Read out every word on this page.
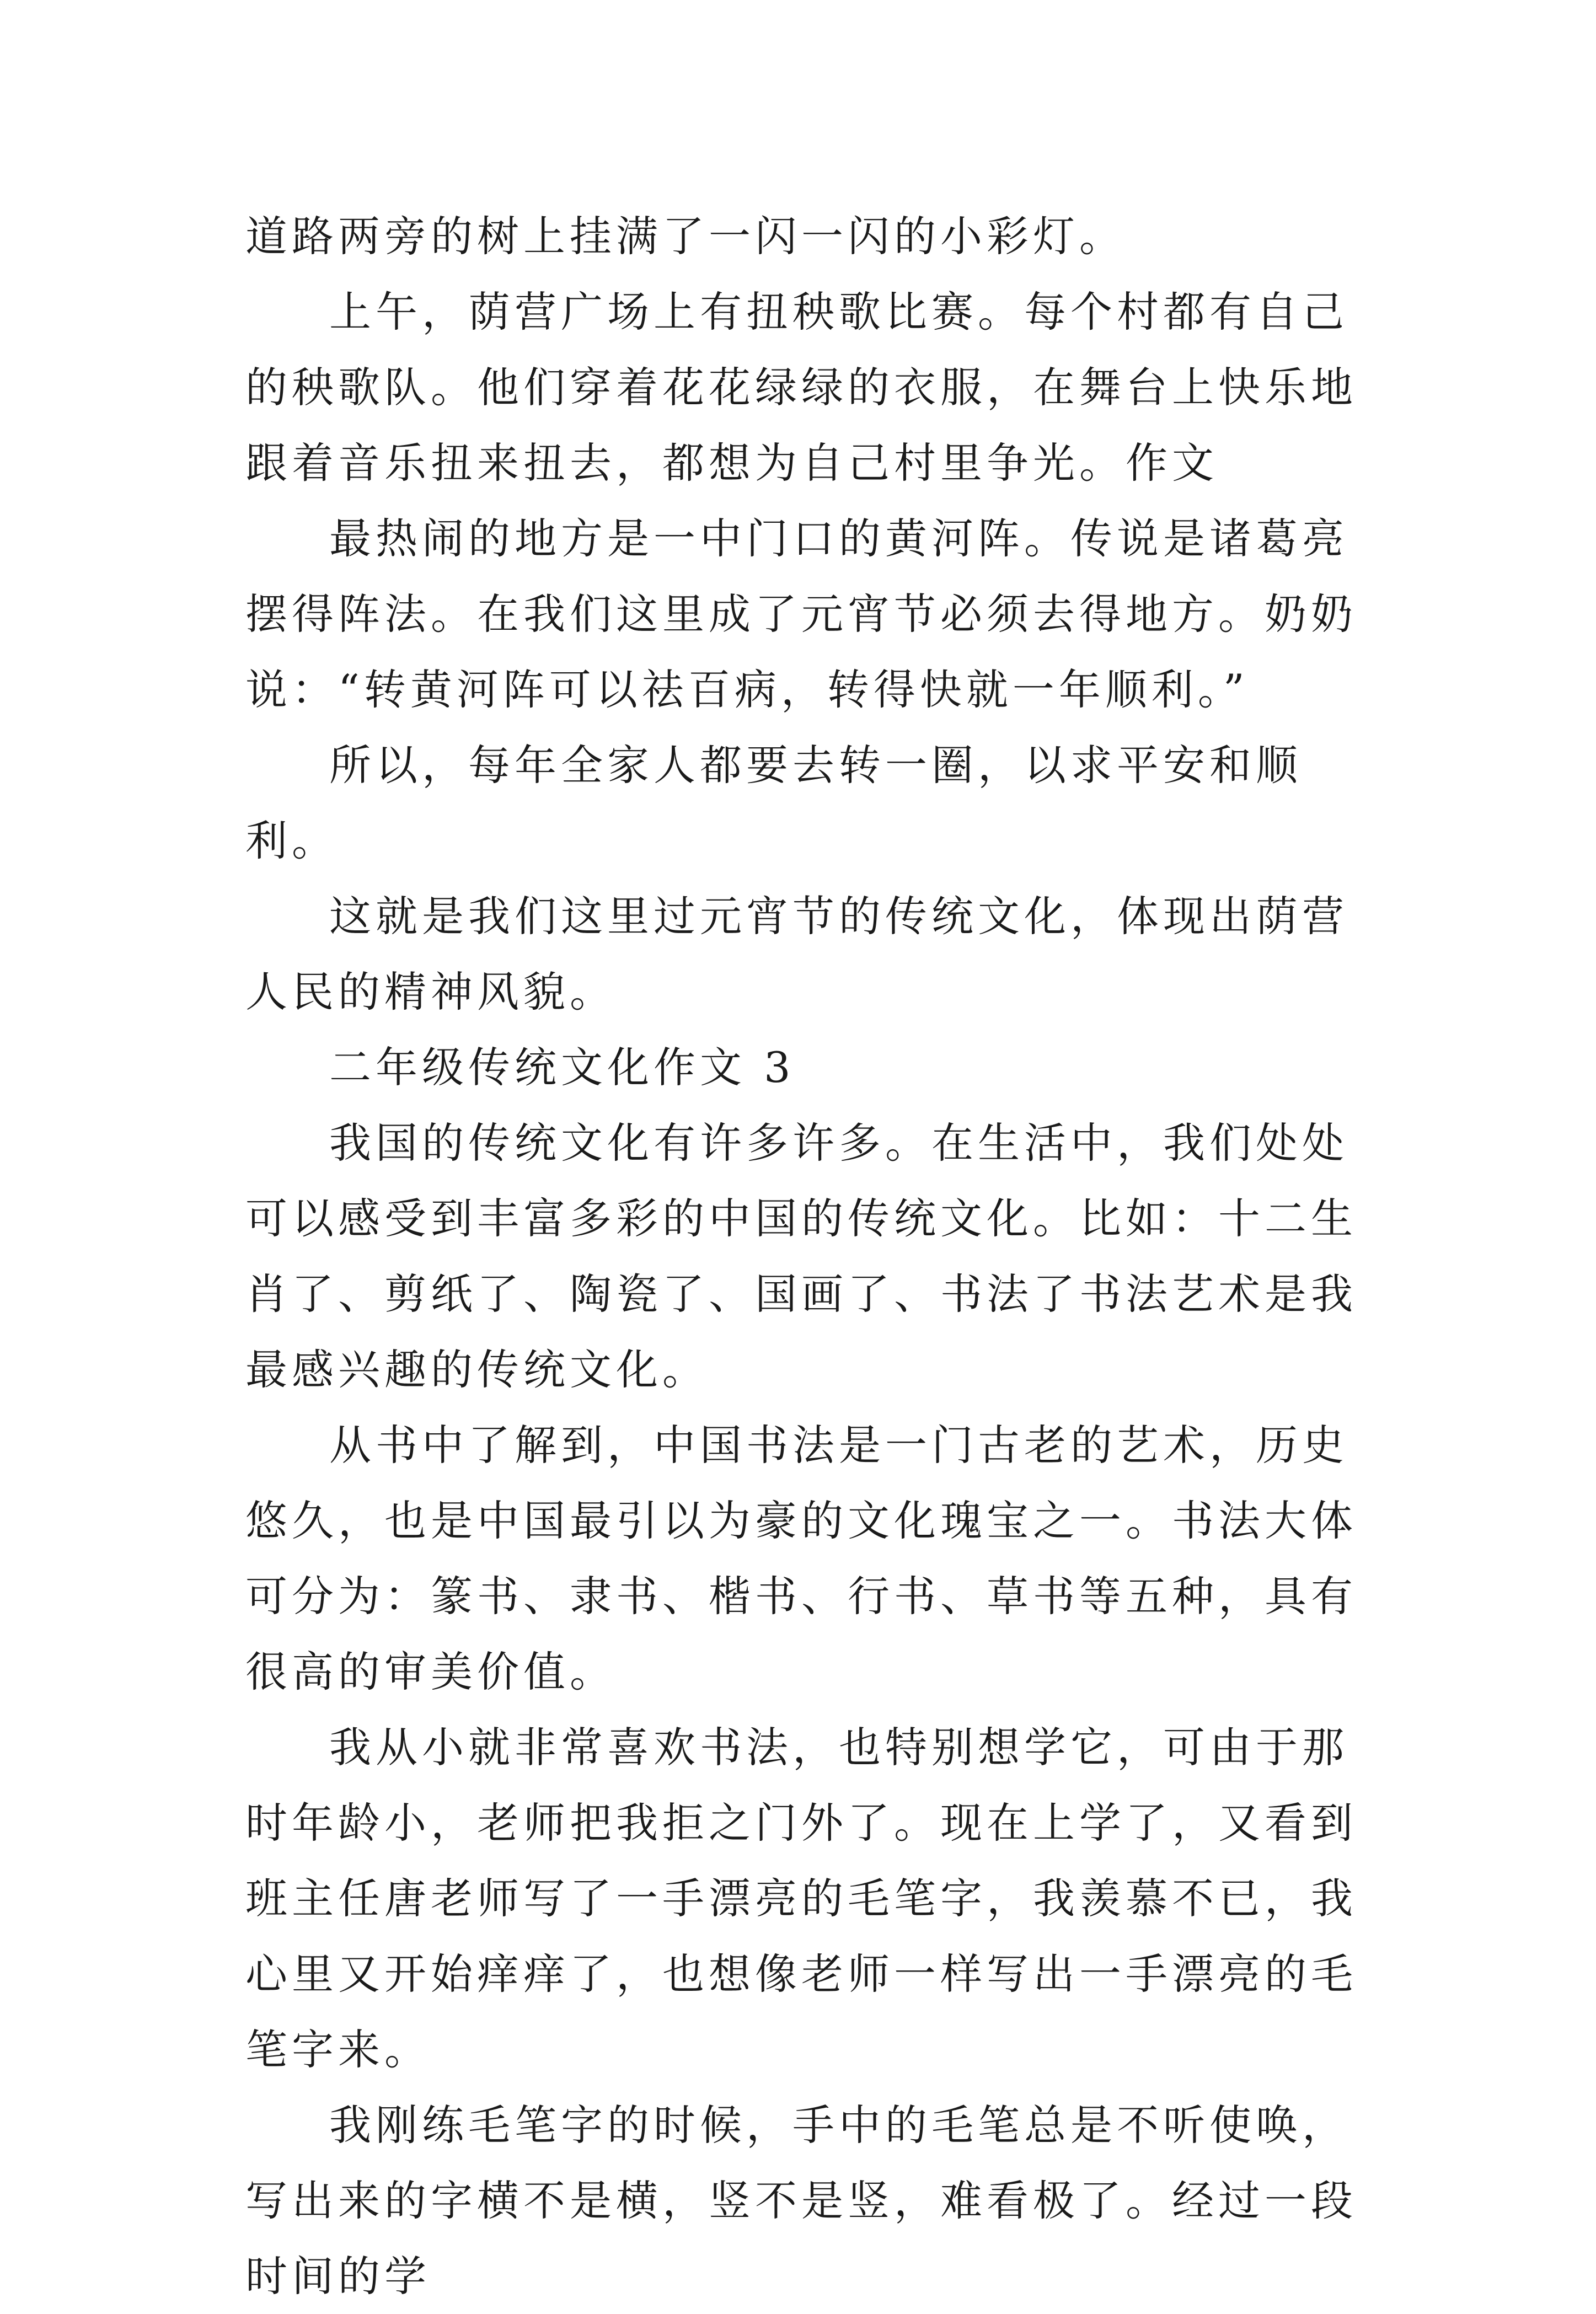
道路两旁的树上挂满了一闪一闪的小彩灯。

上午，荫营广场上有扭秧歌比赛。每个村都有自己的秧歌队。他们穿着花花绿绿的衣服，在舞台上快乐地跟着音乐扭来扭去，都想为自己村里争光。作文

最热闹的地方是一中门口的黄河阵。传说是诸葛亮摆得阵法。在我们这里成了元宵节必须去得地方。奶奶说：“转黄河阵可以祛百病，转得快就一年顺利。”

所以，每年全家人都要去转一圈，以求平安和顺利。

这就是我们这里过元宵节的传统文化，体现出荫营人民的精神风貌。

二年级传统文化作文 3

我国的传统文化有许多许多。在生活中，我们处处可以感受到丰富多彩的中国的传统文化。比如：十二生肖了、剪纸了、陶瓷了、国画了、书法了书法艺术是我最感兴趣的传统文化。

从书中了解到，中国书法是一门古老的艺术，历史悠久，也是中国最引以为豪的文化瑰宝之一。书法大体可分为：篆书、隶书、楷书、行书、草书等五种，具有很高的审美价值。

我从小就非常喜欢书法，也特别想学它，可由于那时年龄小，老师把我拒之门外了。现在上学了，又看到班主任唐老师写了一手漂亮的毛笔字，我羡慕不已，我心里又开始痒痒了，也想像老师一样写出一手漂亮的毛笔字来。

我刚练毛笔字的时候，手中的毛笔总是不听使唤，写出来的字横不是横，竖不是竖，难看极了。经过一段时间的学
